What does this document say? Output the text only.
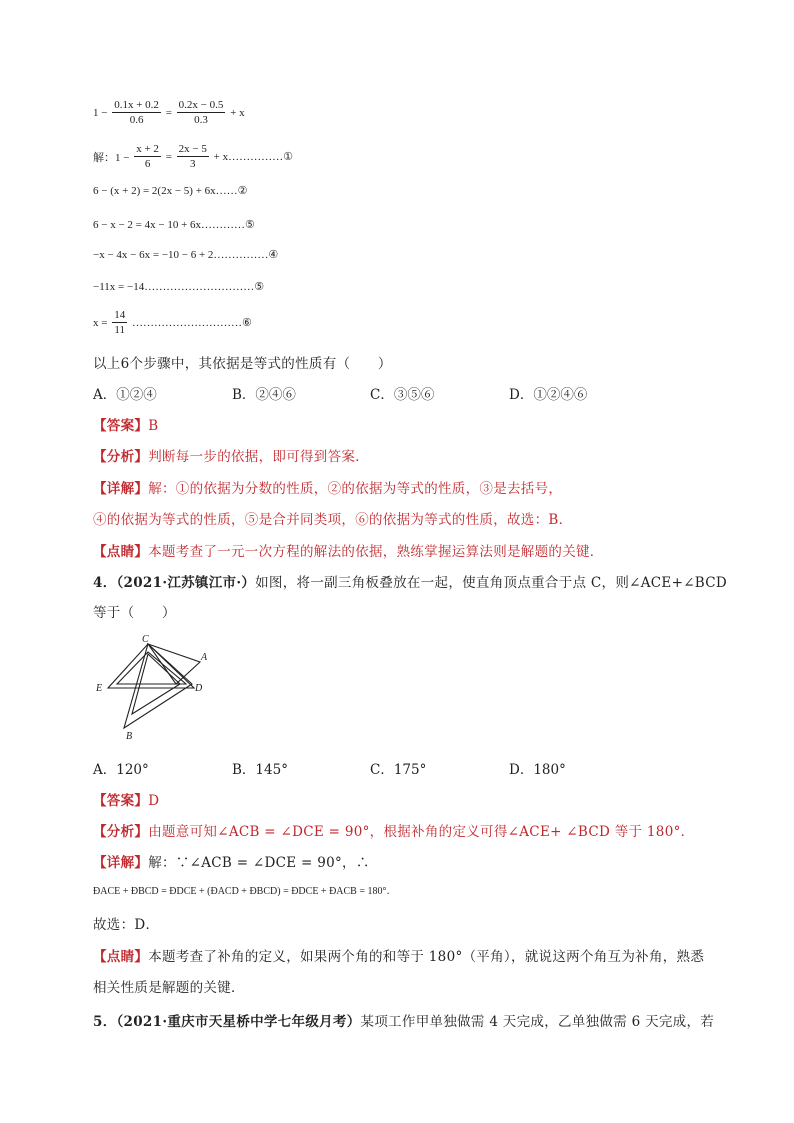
$1 - \frac{0.1x + 0.2}{0.6} = \frac{0.2x - 0.5}{0.3} + x$
解：$1 - \frac{x + 2}{6} = \frac{2x - 5}{3}$ + x……………①
6 − (x + 2) = 2(2x − 5) + 6x……②
6 − x − 2 = 4x − 10 + 6x…………⑤
−x − 4x − 6x = −10 − 6 + 2……………④
−11x = −14…………………………⑤
$x = \frac{14}{11}$ …………………………⑥
以上6个步骤中，其依据是等式的性质有（　　）
A．①②④	B．②④⑥	C．③⑤⑥	D．①②④⑥
【答案】B
【分析】判断每一步的依据，即可得到答案．
【详解】解：①的依据为分数的性质，②的依据为等式的性质，③是去括号，
④的依据为等式的性质，⑤是合并同类项，⑥的依据为等式的性质，故选：B．
【点睛】本题考查了一元一次方程的解法的依据，熟练掌握运算法则是解题的关键．
4．（2021·江苏镇江市·）如图，将一副三角板叠放在一起，使直角顶点重合于点 C，则∠ACE+∠BCD
等于（　　）
C
A
E	D
B
A．120°	B．145°	C．175°	D．180°
【答案】D
【分析】由题意可知∠ACB = ∠DCE = 90°，根据补角的定义可得∠ACE+ ∠BCD 等于 180°．
【详解】解：∵∠ACB = ∠DCE = 90°，∴
ÐACE + ÐBCD = ÐDCE + (ÐACD + ÐBCD) = ÐDCE + ÐACB = 180°．
故选：D．
【点睛】本题考查了补角的定义，如果两个角的和等于 180°（平角），就说这两个角互为补角，熟悉
相关性质是解题的关键．
5．（2021·重庆市天星桥中学七年级月考）某项工作甲单独做需 4 天完成，乙单独做需 6 天完成，若
